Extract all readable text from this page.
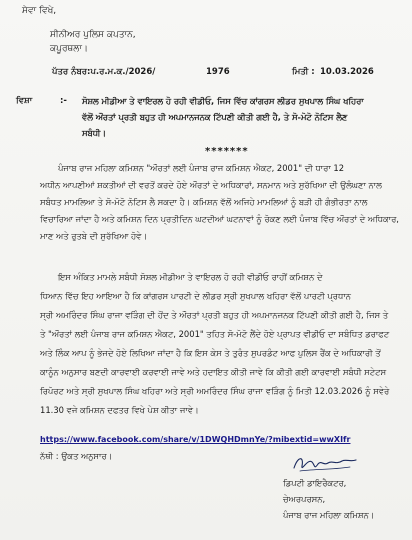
ਸੇਵਾ ਵਿਖੇ,
ਸੀਨੀਅਰ ਪੁਲਿਸ ਕਪਤਾਨ,
ਕਪੂਰਥਲਾ।
ਪੱਤਰ ਨੰਬਰ:ਪ.ਰ.ਮ.ਕ./2026/	1976	ਮਿਤੀ : 10.03.2026
ਵਿਸ਼ਾ	:- ਸੋਸ਼ਲ ਮੀਡੀਆ ਤੇ ਵਾਇਰਲ ਹੋ ਰਹੀ ਵੀਡੀਓ, ਜਿਸ ਵਿੱਚ ਕਾਂਗਰਸ ਲੀਡਰ ਸੁਖਪਾਲ ਸਿੰਘ ਖਹਿਰਾ
ਵੱਲੋਂ ਔਰਤਾਂ ਪ੍ਰਤੀ ਬਹੁਤ ਹੀ ਅਪਮਾਨਜਨਕ ਟਿੱਪਣੀ ਕੀਤੀ ਗਈ ਹੈ, ਤੇ ਸੋ-ਮੋਟੋ ਨੋਟਿਸ ਲੈਣ
ਸਬੰਧੀ।
*******
ਪੰਜਾਬ ਰਾਜ ਮਹਿਲਾ ਕਮਿਸ਼ਨ "ਔਰਤਾਂ ਲਈ ਪੰਜਾਬ ਰਾਜ ਕਮਿਸ਼ਨ ਐਕਟ, 2001" ਦੀ ਧਾਰਾ 12
ਅਧੀਨ ਆਪਣੀਆਂ ਸ਼ਕਤੀਆਂ ਦੀ ਵਰਤੋਂ ਕਰਦੇ ਹੋਏ ਔਰਤਾਂ ਦੇ ਅਧਿਕਾਰਾਂ, ਸਨਮਾਨ ਅਤੇ ਸੁਰੱਖਿਆ ਦੀ ਉਲੰਘਣਾ ਨਾਲ
ਸਬੰਧਤ ਮਾਮਲਿਆ ਤੇ ਸੋ-ਮੋਟੋ ਨੋਟਿਸ ਲੈ ਸਕਦਾ ਹੈ। ਕਮਿਸ਼ਨ ਵੱਲੋਂ ਅਜਿਹੇ ਮਾਮਲਿਆਂ ਨੂੰ ਬੜੀ ਹੀ ਗੰਭੀਰਤਾ ਨਾਲ
ਵਿਚਾਰਿਆ ਜਾਂਦਾ ਹੈ ਅਤੇ ਕਮਿਸ਼ਨ ਦਿਨ ਪ੍ਰਤੀਦਿਨ ਘਟਦੀਆਂ ਘਟਨਾਵਾਂ ਨੂੰ ਰੋਕਣ ਲਈ ਪੰਜਾਬ ਵਿੱਚ ਔਰਤਾਂ ਦੇ ਅਧਿਕਾਰ,
ਮਾਣ ਅਤੇ ਰੁਤਬੇ ਦੀ ਸੁਰੱਖਿਆ ਹੋਵੇ।
ਇਸ ਅੰਕਿਤ ਮਾਮਲੇ ਸਬੰਧੀ ਸੋਸ਼ਲ ਮੀਡੀਆ ਤੇ ਵਾਇਰਲ ਹੋ ਰਹੀ ਵੀਡੀਓ ਰਾਹੀਂ ਕਮਿਸ਼ਨ ਦੇ
ਧਿਆਨ ਵਿੱਚ ਇਹ ਆਇਆ ਹੈ ਕਿ ਕਾਂਗਰਸ ਪਾਰਟੀ ਦੇ ਲੀਡਰ ਸ੍ਰੀ ਸੁਖਪਾਲ ਖਹਿਰਾ ਵੱਲੋਂ ਪਾਰਟੀ ਪ੍ਰਧਾਨ
ਸ੍ਰੀ ਅਮਰਿੰਦਰ ਸਿੰਘ ਰਾਜਾ ਵੜਿੰਗ ਦੀ ਹੋਂਦ ਤੇ ਔਰਤਾਂ ਪ੍ਰਤੀ ਬਹੁਤ ਹੀ ਅਪਮਾਨਜਨਕ ਟਿੱਪਣੀ ਕੀਤੀ ਗਈ ਹੈ, ਜਿਸ ਤੇ
ਤੇ "ਔਰਤਾਂ ਲਈ ਪੰਜਾਬ ਰਾਜ ਕਮਿਸ਼ਨ ਐਕਟ, 2001" ਤਹਿਤ ਸੋ-ਮੋਟੋ ਲੈਂਦੇ ਹੋਏ ਪ੍ਰਾਪਤ ਵੀਡੀਓ ਦਾ ਸਬੰਧਿਤ ਡਰਾਫਟ
ਅਤੇ ਲਿੰਕ ਆਪ ਨੂੰ ਭੇਜਦੇ ਹੋਏ ਲਿਖਿਆ ਜਾਂਦਾ ਹੈ ਕਿ ਇਸ ਕੇਸ ਤੇ ਤੁਰੰਤ ਸੁਪਰਡੰਟ ਆਫ ਪੁਲਿਸ ਰੈਂਕ ਦੇ ਅਧਿਕਾਰੀ ਤੋਂ
ਕਾਨੂੰਨ ਅਨੁਸਾਰ ਬਣਦੀ ਕਾਰਵਾਈ ਕਰਵਾਈ ਜਾਵੇ ਅਤੇ ਹਦਾਇਤ ਕੀਤੀ ਜਾਵੇ ਕਿ ਕੀਤੀ ਗਈ ਕਾਰਵਾਈ ਸਬੰਧੀ ਸਟੇਟਸ
ਰਿਪੋਰਟ ਅਤੇ ਸ੍ਰੀ ਸੁਖਪਾਲ ਸਿੰਘ ਖਹਿਰਾ ਅਤੇ ਸ੍ਰੀ ਅਮਰਿੰਦਰ ਸਿੰਘ ਰਾਜਾ ਵੜਿੰਗ ਨੂੰ ਮਿਤੀ 12.03.2026 ਨੂੰ ਸਵੇਰੇ
11.30 ਵਜੇ ਕਮਿਸ਼ਨ ਦਫਤਰ ਵਿਖੇ ਪੇਸ਼ ਕੀਤਾ ਜਾਵੇ।
https://www.facebook.com/share/v/1DWQHDmnYe/?mibextid=wwXIfr
ਨੱਥੀ : ਉਕਤ ਅਨੁਸਾਰ।
ਡਿਪਟੀ ਡਾਇਰੈਕਟਰ,
ਚੇਅਰਪਰਸਨ,
ਪੰਜਾਬ ਰਾਜ ਮਹਿਲਾ ਕਮਿਸ਼ਨ।
